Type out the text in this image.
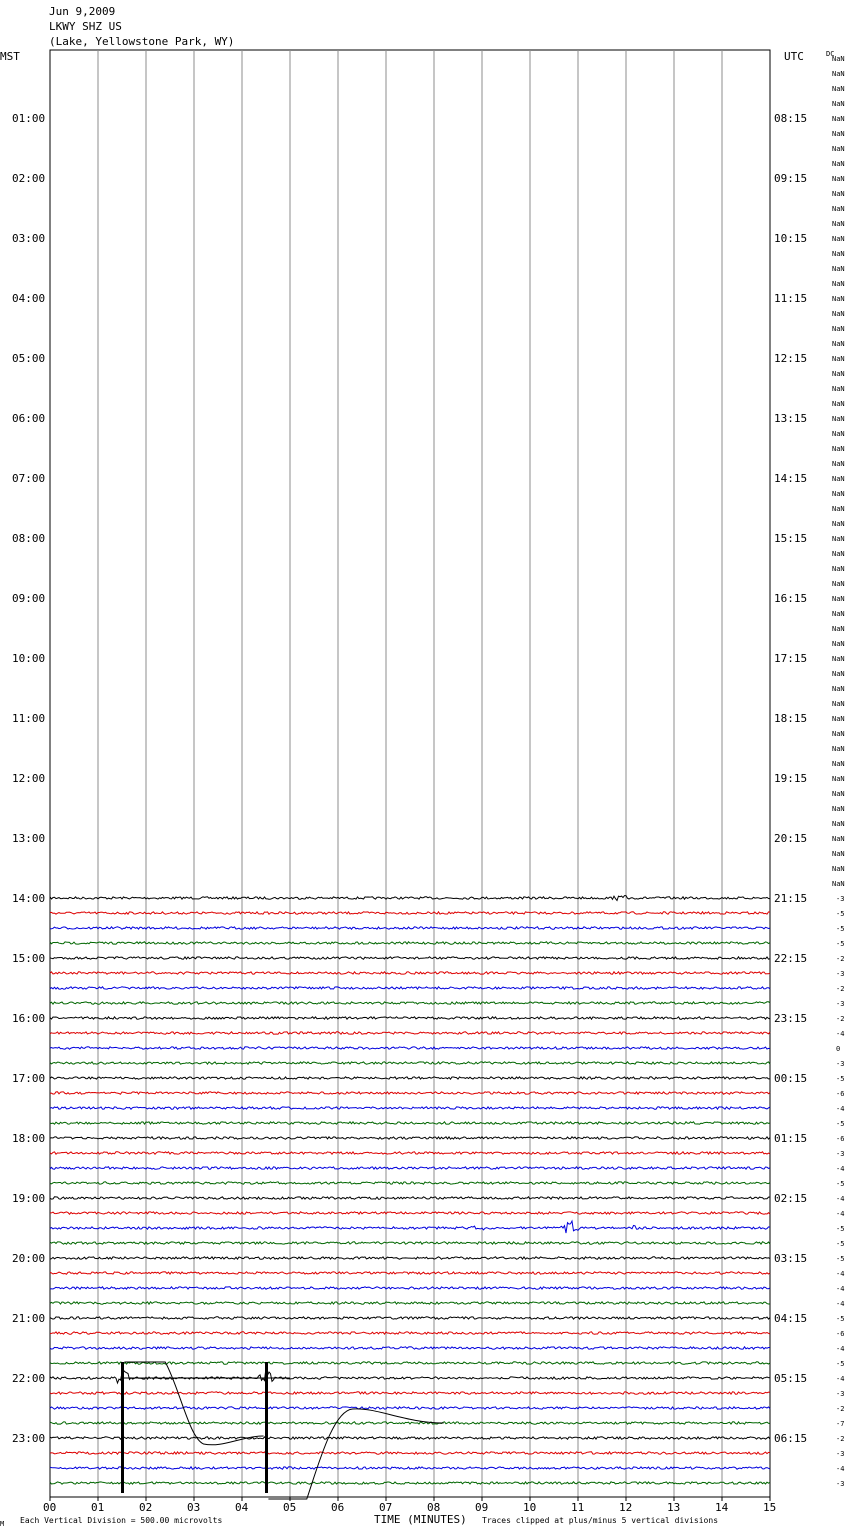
Jun 9,2009
LKWY SHZ US
(Lake, Yellowstone Park, WY)
MST	UTC	DC
01:00
02:00
03:00
04:00
05:00
06:00
07:00
08:00
09:00
10:00
11:00
12:00
13:00
14:00
15:00
16:00
17:00
18:00
19:00
20:00
21:00
22:00
23:00
08:15
09:15
10:15
11:15
12:15
13:15
14:15
15:15
16:15
17:15
18:15
19:15
20:15
21:15
22:15
23:15
00:15
01:15
02:15
03:15
04:15
05:15
06:15
NaN
NaN
NaN
NaN
NaN
NaN
NaN
NaN
NaN
NaN
NaN
NaN
NaN
NaN
NaN
NaN
NaN
NaN
NaN
NaN
NaN
NaN
NaN
NaN
NaN
NaN
NaN
NaN
NaN
NaN
NaN
NaN
NaN
NaN
NaN
NaN
NaN
NaN
NaN
NaN
NaN
NaN
NaN
NaN
NaN
NaN
NaN
NaN
NaN
NaN
NaN
NaN
NaN
NaN
NaN
NaN
-3
-5
-5
-5
-2
-3
-2
-3
-2
-4
0
-3
-5
-6
-4
-5
-6
-3
-4
-5
-4
-4
-5
-5
-5
-4
-4
-4
-5
-6
-4
-5
-4
-3
-2
-7
-2
-3
-4
-3
00	01	02	03	04	05	06	07	08	09	10	11	12	13	14	15
M Each Vertical Division = 500.00 microvolts	TIME (MINUTES) Traces clipped at plus/minus 5 vertical divisions
